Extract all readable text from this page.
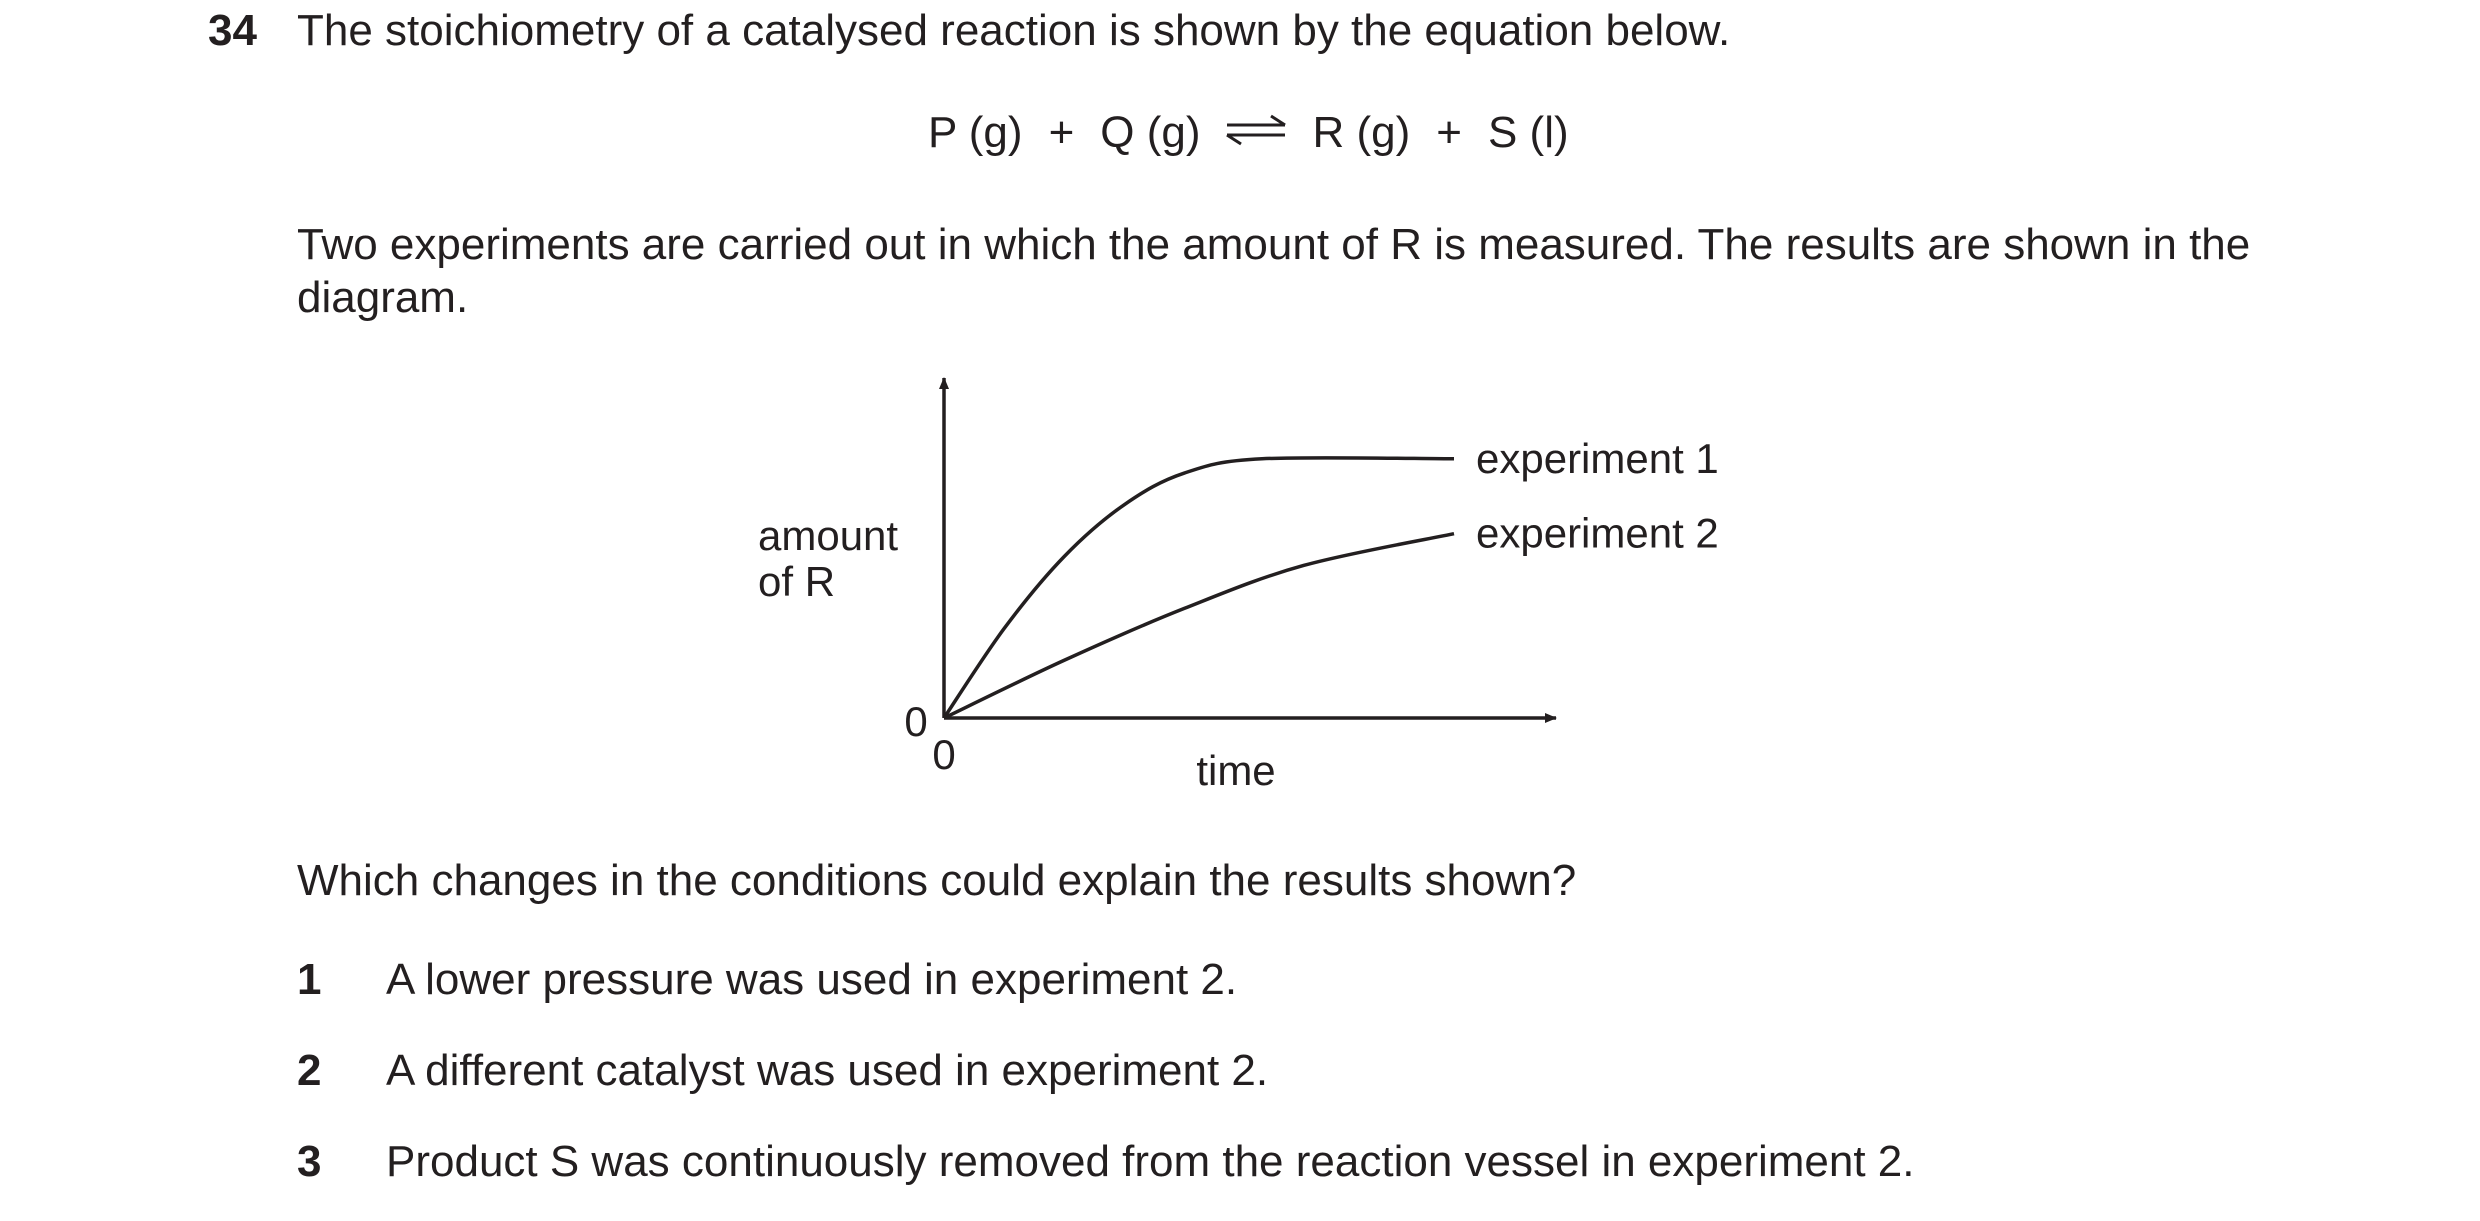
34 The stoichiometry of a catalysed reaction is shown by the equation below.
P (g) + Q (g) ⇌ R (g) + S (l)
Two experiments are carried out in which the amount of R is measured. The results are shown in the diagram.
experiment 1
experiment 2
amount
of R
time
0
0
Which changes in the conditions could explain the results shown?
1 A lower pressure was used in experiment 2.
2 A different catalyst was used in experiment 2.
3 Product S was continuously removed from the reaction vessel in experiment 2.
